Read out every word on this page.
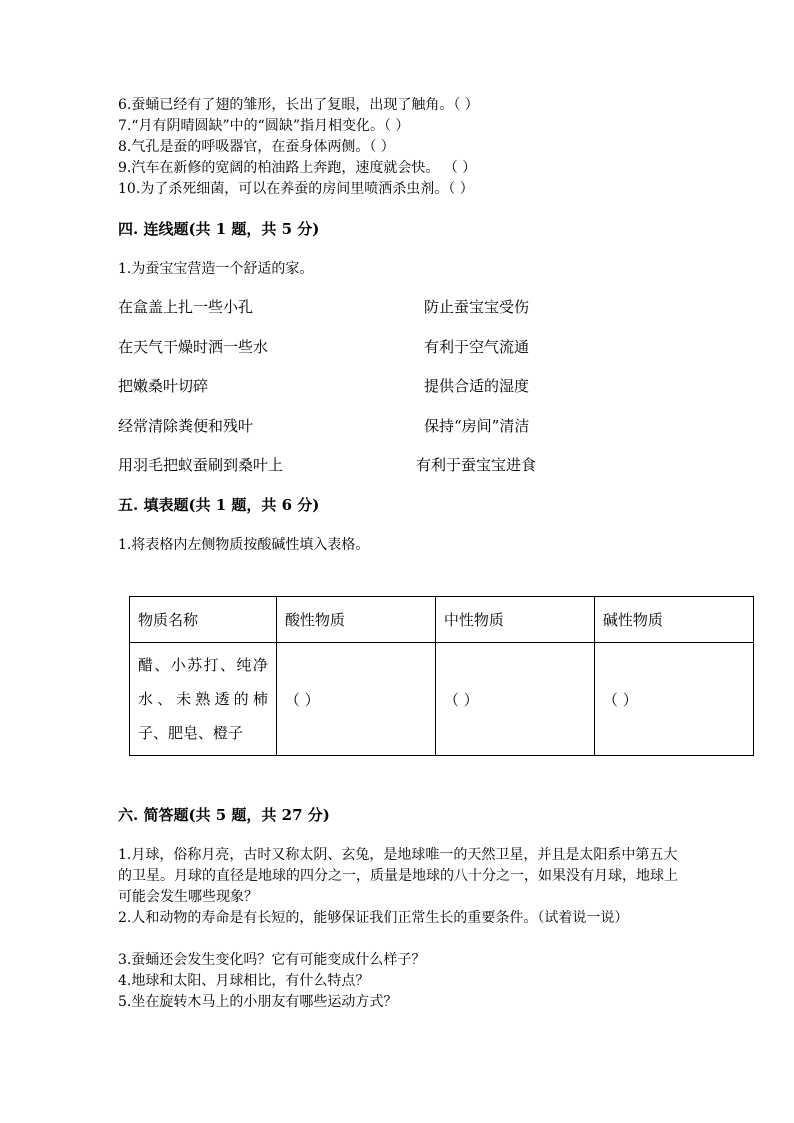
6.蚕蛹已经有了翅的雏形，长出了复眼，出现了触角。（ ）
7.“月有阴晴圆缺”中的“圆缺”指月相变化。（ ）
8.气孔是蚕的呼吸器官，在蚕身体两侧。（ ）
9.汽车在新修的宽阔的柏油路上奔跑，速度就会快。 （ ）
10.为了杀死细菌，可以在养蚕的房间里喷洒杀虫剂。（ ）
四. 连线题(共 1 题，共 5 分)
1.为蚕宝宝营造一个舒适的家。
在盒盖上扎一些小孔	防止蚕宝宝受伤
在天气干燥时洒一些水	有利于空气流通
把嫩桑叶切碎	提供合适的湿度
经常清除粪便和残叶	保持“房间”清洁
用羽毛把蚁蚕刷到桑叶上	有利于蚕宝宝进食
五. 填表题(共 1 题，共 6 分)
1.将表格内左侧物质按酸碱性填入表格。
物质名称	酸性物质	中性物质	碱性物质
醋、小苏打、纯净水、未熟透的柿子、肥皂、橙子	（ ）	（ ）	（ ）
六. 简答题(共 5 题，共 27 分)
1.月球，俗称月亮，古时又称太阴、玄兔，是地球唯一的天然卫星，并且是太阳系中第五大的卫星。月球的直径是地球的四分之一，质量是地球的八十分之一，如果没有月球，地球上可能会发生哪些现象？
2.人和动物的寿命是有长短的，能够保证我们正常生长的重要条件。（试着说一说）
3.蚕蛹还会发生变化吗？它有可能变成什么样子？
4.地球和太阳、月球相比，有什么特点？
5.坐在旋转木马上的小朋友有哪些运动方式？
